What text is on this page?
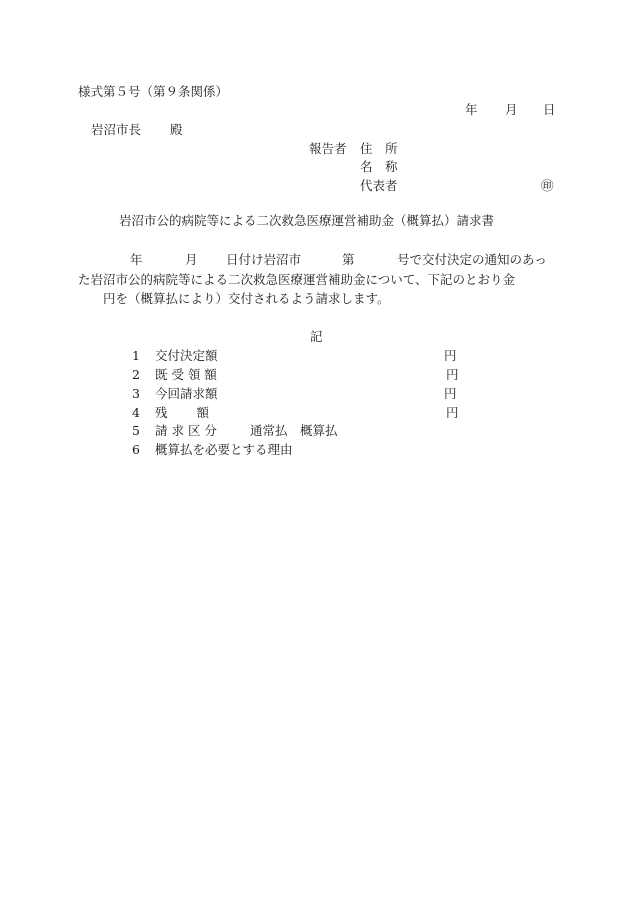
様式第５号（第９条関係）
年 月 日
岩沼市長 殿
報告者 住　所
名　称
代表者	㊞
岩沼市公的病院等による二次救急医療運営補助金（概算払）請求書
年	月 日付け岩沼市	第	号で交付決定の通知のあっ
た岩沼市公的病院等による二次救急医療運営補助金について、下記のとおり金
円を（概算払により）交付されるよう請求します。
記
1 交付決定額	円
2 既 受 領 額	円
3 今回請求額	円
4 残　　 額	円
5 請 求 区 分	通常払　概算払
6 概算払を必要とする理由
